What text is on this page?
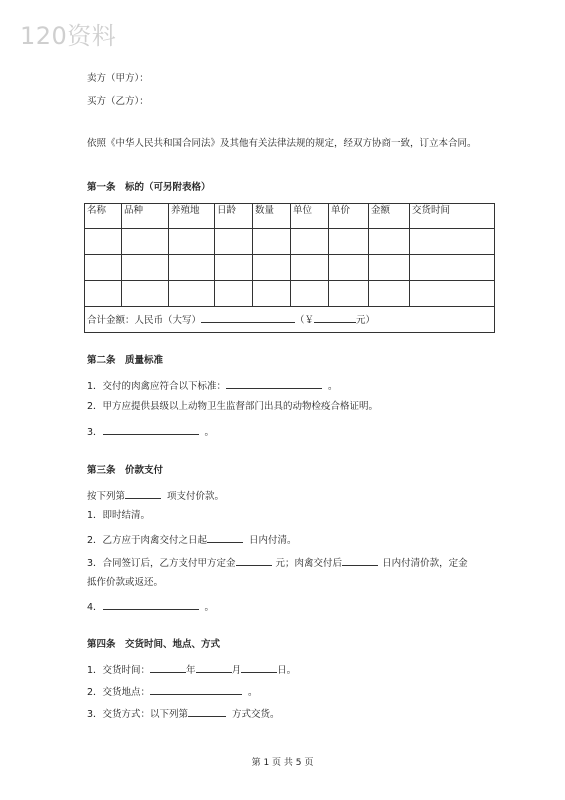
120资料
卖方（甲方）：
买方（乙方）：
依照《中华人民共和国合同法》及其他有关法律法规的规定，经双方协商一致，订立本合同。
第一条　标的（可另附表格）
名称	品种	养殖地	日龄	数量	单位	单价	金额	交货时间

合计金额：人民币（大写） （￥ 元）								
第二条　质量标准
1．交付的肉禽应符合以下标准：	。
2．甲方应提供县级以上动物卫生监督部门出具的动物检疫合格证明。
3．	。
第三条　价款支付
按下列第	项支付价款。
1．即时结清。
2．乙方应于肉禽交付之日起	日内付清。
3．合同签订后，乙方支付甲方定金	元；肉禽交付后	日内付清价款，定金
抵作价款或返还。
4．	。
第四条　交货时间、地点、方式
1．交货时间：	年	月	日。
2．交货地点：	。
3．交货方式：以下列第	方式交货。
第 1 页 共 5 页
